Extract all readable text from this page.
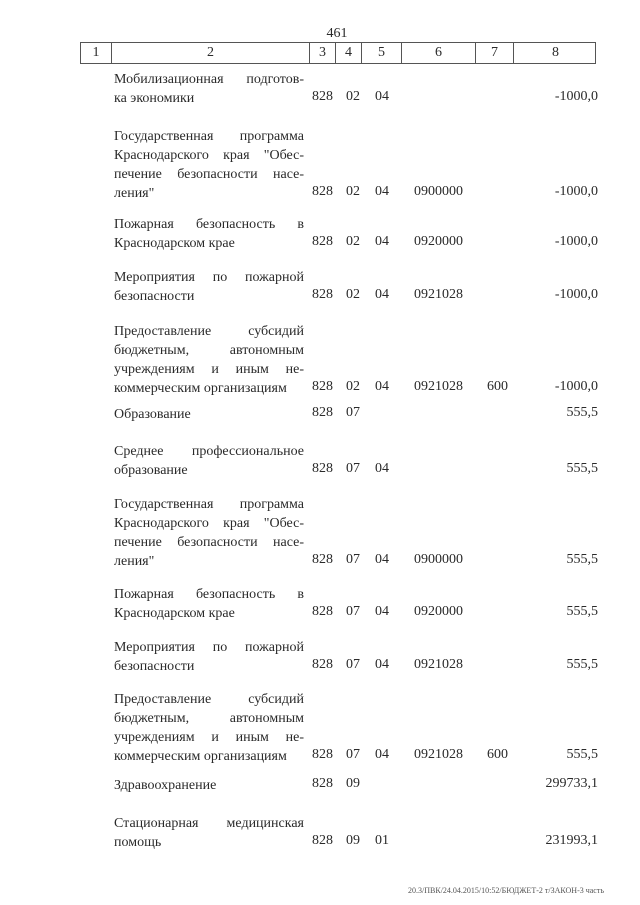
461
1	2	3	4	5	6	7	8
Мобилизационная подготов-
ка экономики	828 02 04	-1000,0
Государственная программа
Краснодарского края "Обес-
печение безопасности насе-
ления"	828 02 04 0900000	-1000,0
Пожарная безопасность в
Краснодарском крае	828 02 04 0920000	-1000,0
Мероприятия по пожарной
безопасности	828 02 04 0921028	-1000,0
Предоставление субсидий
бюджетным, автономным
учреждениям и иным не-
коммерческим организациям	828 02 04 0921028 600	-1000,0
Образование	828 07	555,5
Среднее профессиональное
образование	828 07 04	555,5
Государственная программа
Краснодарского края "Обес-
печение безопасности насе-
ления"	828 07 04 0900000	555,5
Пожарная безопасность в
Краснодарском крае	828 07 04 0920000	555,5
Мероприятия по пожарной
безопасности	828 07 04 0921028	555,5
Предоставление субсидий
бюджетным, автономным
учреждениям и иным не-
коммерческим организациям	828 07 04 0921028 600	555,5
Здравоохранение	828 09	299733,1
Стационарная медицинская
помощь	828 09 01	231993,1
20.3/ПВК/24.04.2015/10:52/БЮДЖЕТ-2 т/ЗАКОН-3 часть
